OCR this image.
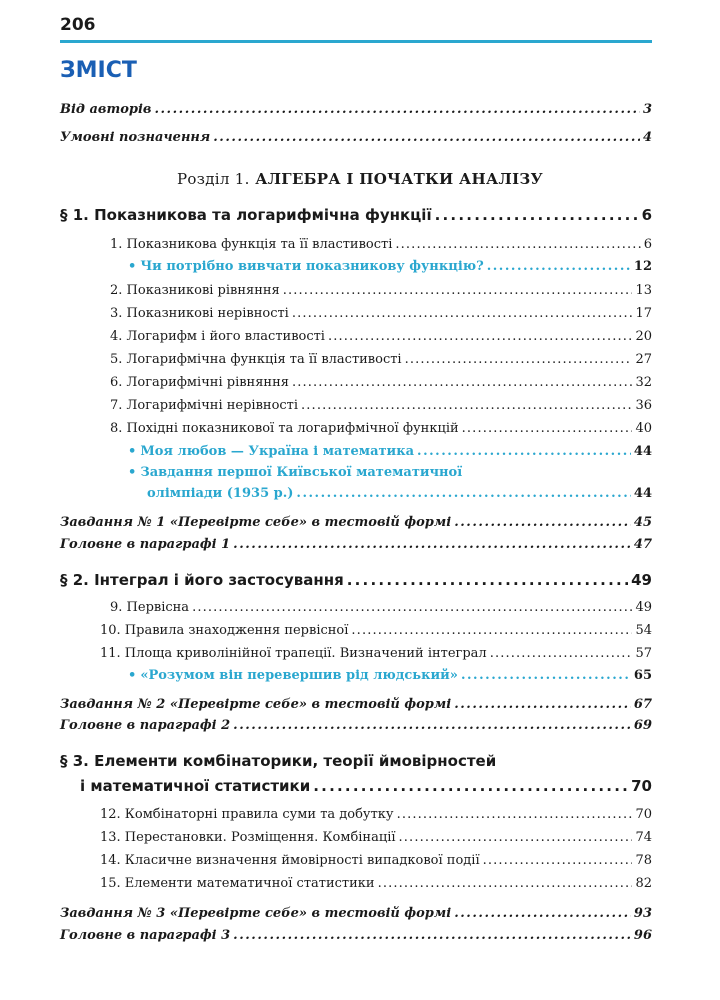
206
ЗМІСТ
Від авторів . . .	3
Умовні позначення . . .	4
Розділ 1. АЛГЕБРА І ПОЧАТКИ АНАЛІЗУ
§ 1. Показникова та логарифмічна функції . . .	6
1. Показникова функція та її властивості . . .	6
• Чи потрібно вивчати показникову функцію? . . .	12
2. Показникові рівняння . . .	13
3. Показникові нерівності . . .	17
4. Логарифм і його властивості . . .	20
5. Логарифмічна функція та її властивості . . .	27
6. Логарифмічні рівняння . . .	32
7. Логарифмічні нерівності . . .	36
8. Похідні показникової та логарифмічної функцій . . .	40
• Моя любов — Україна і математика . . .	44
• Завдання першої Київської математичної
олімпіади (1935 р.) . . .	44
Завдання № 1 «Перевірте себе» в тестовій формі . . .	45
Головне в параграфі 1 . . .	47
§ 2. Інтеграл і його застосування . . .	49
9. Первісна . . .	49
10. Правила знаходження первісної . . .	54
11. Площа криволінійної трапеції. Визначений інтеграл . . .	57
• «Розумом він перевершив рід людський» . . .	65
Завдання № 2 «Перевірте себе» в тестовій формі . . .	67
Головне в параграфі 2 . . .	69
§ 3. Елементи комбінаторики, теорії ймовірностей
і математичної статистики . . .	70
12. Комбінаторні правила суми та добутку . . .	70
13. Перестановки. Розміщення. Комбінації . . .	74
14. Класичне визначення ймовірності випадкової події . . .	78
15. Елементи математичної статистики . . .	82
Завдання № 3 «Перевірте себе» в тестовій формі . . .	93
Головне в параграфі 3 . . .	96
